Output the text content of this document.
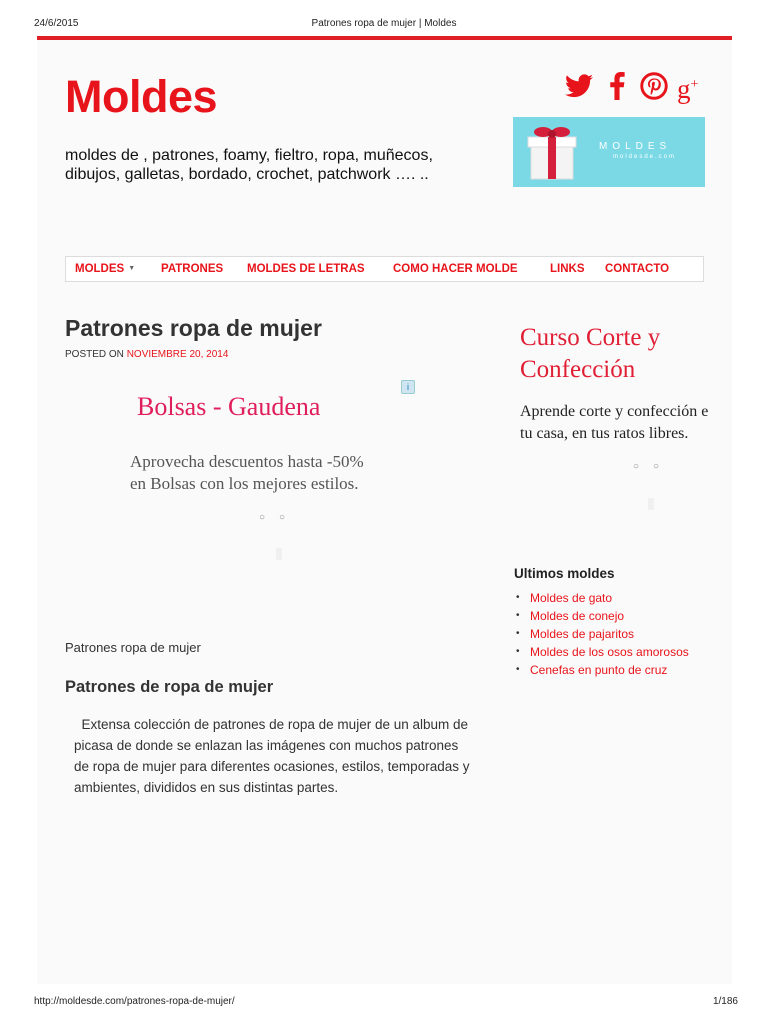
24/6/2015	Patrones ropa de mujer | Moldes
Moldes
moldes de , patrones, foamy, fieltro, ropa, muñecos, dibujos, galletas, bordado, crochet, patchwork …. ..
g+
MOLDES
moldesde.com
MOLDES ▼ PATRONES MOLDES DE LETRAS COMO HACER MOLDE	LINKS CONTACTO
Patrones ropa de mujer
POSTED ON NOVIEMBRE 20, 2014
i
Bolsas - Gaudena
Aprovecha descuentos hasta -50%
en Bolsas con los mejores estilos.
○○
Curso Corte y
Confección
Aprende corte y confección e
tu casa, en tus ratos libres.
○○
Ultimos moldes
• Moldes de gato
• Moldes de conejo
• Moldes de pajaritos
• Moldes de los osos amorosos
• Cenefas en punto de cruz
Patrones ropa de mujer
Patrones de ropa de mujer
Extensa colección de patrones de ropa de mujer de un album de picasa de donde se enlazan las imágenes con muchos patrones de ropa de mujer para diferentes ocasiones, estilos, temporadas y ambientes, divididos en sus distintas partes.
http://moldesde.com/patrones-ropa-de-mujer/	1/186
